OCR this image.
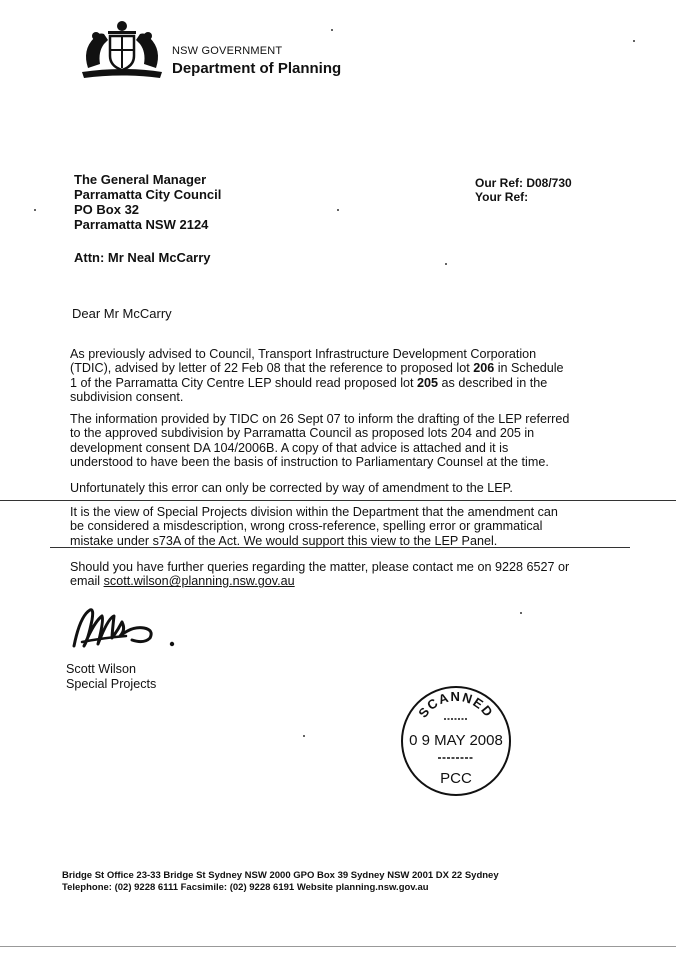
NSW GOVERNMENT
Department of Planning
The General Manager
Parramatta City Council
PO Box 32
Parramatta NSW 2124
Our Ref: D08/730
Your Ref:
Attn: Mr Neal McCarry
Dear Mr McCarry
As previously advised to Council, Transport Infrastructure Development Corporation (TDIC), advised by letter of 22 Feb 08 that the reference to proposed lot 206 in Schedule 1 of the Parramatta City Centre LEP should read proposed lot 205 as described in the subdivision consent.
The information provided by TIDC on 26 Sept 07 to inform the drafting of the LEP referred to the approved subdivision by Parramatta Council as proposed lots 204 and 205 in development consent DA 104/2006B. A copy of that advice is attached and it is understood to have been the basis of instruction to Parliamentary Counsel at the time.
Unfortunately this error can only be corrected by way of amendment to the LEP.
It is the view of Special Projects division within the Department that the amendment can be considered a misdescription, wrong cross-reference, spelling error or grammatical mistake under s73A of the Act. We would support this view to the LEP Panel.
Should you have further queries regarding the matter, please contact me on 9228 6527 or email scott.wilson@planning.nsw.gov.au
Scott Wilson
Special Projects
SCANNED
0 9 MAY 2008
PCC
Bridge St Office 23-33 Bridge St Sydney NSW 2000 GPO Box 39 Sydney NSW 2001 DX 22 Sydney
Telephone: (02) 9228 6111 Facsimile: (02) 9228 6191 Website planning.nsw.gov.au
